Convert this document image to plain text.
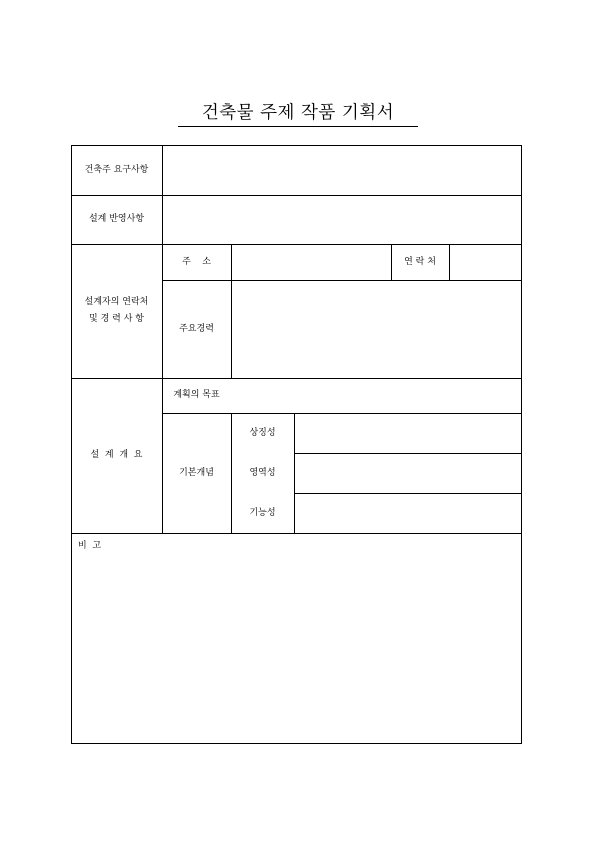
건축물 주제 작품 기획서
건축주 요구사항
설계 반영사항
설계자의 연락처
및 경 력 사 항
주    소	연 락 처
주요경력
설  계  개  요
계획의 목표
기본개념
상징성
영역성
기능성
비  고
